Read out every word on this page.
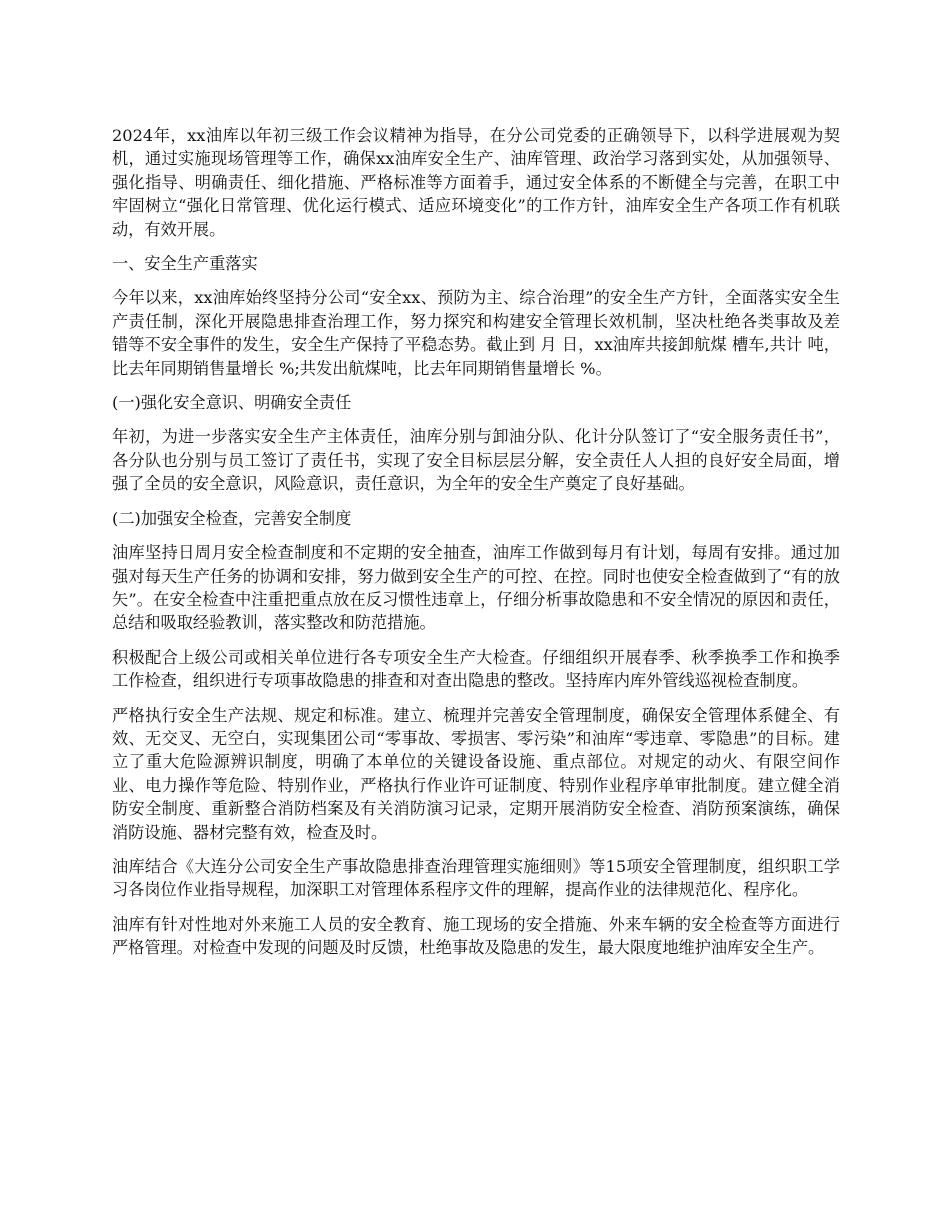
2024年，xx油库以年初三级工作会议精神为指导，在分公司党委的正确领导下，以科学进展观为契机，通过实施现场管理等工作，确保xx油库安全生产、油库管理、政治学习落到实处，从加强领导、强化指导、明确责任、细化措施、严格标准等方面着手，通过安全体系的不断健全与完善，在职工中牢固树立“强化日常管理、优化运行模式、适应环境变化”的工作方针，油库安全生产各项工作有机联动，有效开展。

一、安全生产重落实

今年以来，xx油库始终坚持分公司“安全xx、预防为主、综合治理”的安全生产方针，全面落实安全生产责任制，深化开展隐患排查治理工作，努力探究和构建安全管理长效机制，坚决杜绝各类事故及差错等不安全事件的发生，安全生产保持了平稳态势。截止到 月 日，xx油库共接卸航煤 槽车,共计 吨，比去年同期销售量增长 %;共发出航煤吨，比去年同期销售量增长 %。

(一)强化安全意识、明确安全责任

年初，为进一步落实安全生产主体责任，油库分别与卸油分队、化计分队签订了“安全服务责任书”，各分队也分别与员工签订了责任书，实现了安全目标层层分解，安全责任人人担的良好安全局面，增强了全员的安全意识，风险意识，责任意识，为全年的安全生产奠定了良好基础。

(二)加强安全检查，完善安全制度

油库坚持日周月安全检查制度和不定期的安全抽查，油库工作做到每月有计划，每周有安排。通过加强对每天生产任务的协调和安排，努力做到安全生产的可控、在控。同时也使安全检查做到了“有的放矢”。在安全检查中注重把重点放在反习惯性违章上，仔细分析事故隐患和不安全情况的原因和责任，总结和吸取经验教训，落实整改和防范措施。

积极配合上级公司或相关单位进行各专项安全生产大检查。仔细组织开展春季、秋季换季工作和换季工作检查，组织进行专项事故隐患的排查和对查出隐患的整改。坚持库内库外管线巡视检查制度。

严格执行安全生产法规、规定和标准。建立、梳理并完善安全管理制度，确保安全管理体系健全、有效、无交叉、无空白，实现集团公司“零事故、零损害、零污染”和油库“零违章、零隐患”的目标。建立了重大危险源辨识制度，明确了本单位的关键设备设施、重点部位。对规定的动火、有限空间作业、电力操作等危险、特别作业，严格执行作业许可证制度、特别作业程序单审批制度。建立健全消防安全制度、重新整合消防档案及有关消防演习记录，定期开展消防安全检查、消防预案演练，确保消防设施、器材完整有效，检查及时。

油库结合《大连分公司安全生产事故隐患排查治理管理实施细则》等15项安全管理制度，组织职工学习各岗位作业指导规程，加深职工对管理体系程序文件的理解，提高作业的法律规范化、程序化。

油库有针对性地对外来施工人员的安全教育、施工现场的安全措施、外来车辆的安全检查等方面进行严格管理。对检查中发现的问题及时反馈，杜绝事故及隐患的发生，最大限度地维护油库安全生产。
